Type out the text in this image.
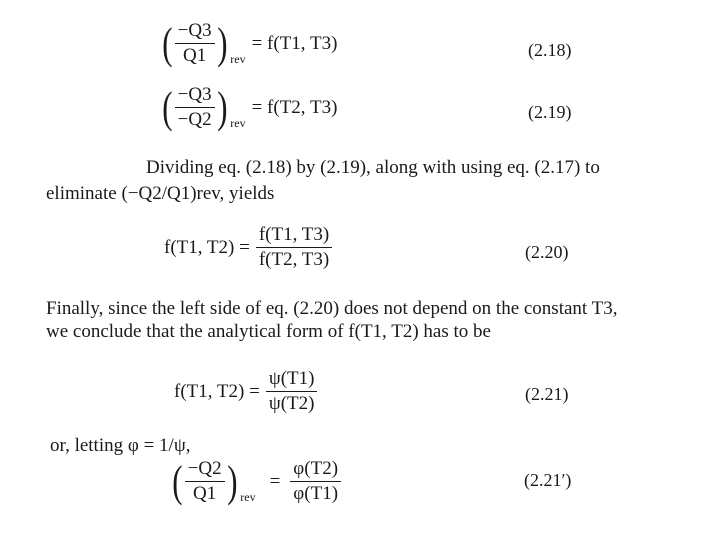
( $\frac{-Q3}{Q1}$ ) rev
= f(T1, T3)	(2.18)
( $\frac{-Q3}{-Q2}$ ) rev
= f(T2, T3)	(2.19)
Dividing eq. (2.18) by (2.19), along with using eq. (2.17) to
eliminate (−Q2/Q1)rev, yields
f(T1, $T2) = \frac{f(T1, T3)}{f(T2, T3)}$	(2.20)
Finally, since the left side of eq. (2.20) does not depend on the constant T3,
we conclude that the analytical form of f(T1, T2) has to be
f(T1, $T2) = \frac{\psi(T1)}{\psi(T2)}$	(2.21)
or, letting φ = 1/ψ,
( $\frac{-Q2}{Q1}$ ) rev
= $\frac{\varphi(T2)}{\varphi(T1)}$	(2.21′)
